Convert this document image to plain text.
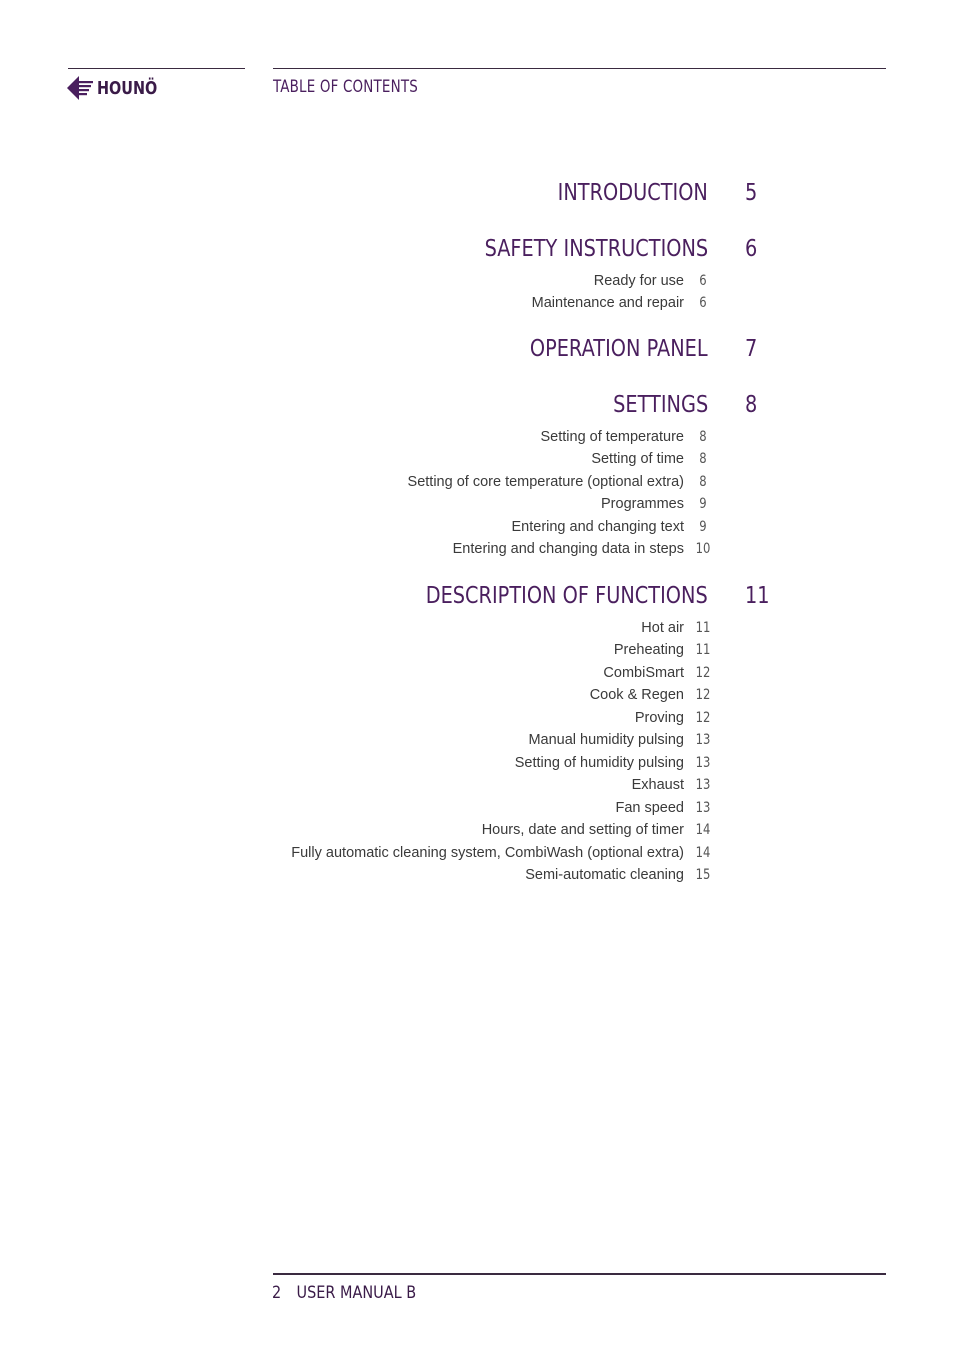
HOUNÖ	TABLE OF CONTENTS
INTRODUCTION 5
SAFETY INSTRUCTIONS 6
Ready for use 6
Maintenance and repair 6
OPERATION PANEL 7
SETTINGS 8
Setting of temperature 8
Setting of time 8
Setting of core temperature (optional extra) 8
Programmes 9
Entering and changing text 9
Entering and changing data in steps 10
DESCRIPTION OF FUNCTIONS 11
Hot air 11
Preheating 11
CombiSmart 12
Cook & Regen 12
Proving 12
Manual humidity pulsing 13
Setting of humidity pulsing 13
Exhaust 13
Fan speed 13
Hours, date and setting of timer 14
Fully automatic cleaning system, CombiWash (optional extra) 14
Semi-automatic cleaning 15
2 USER MANUAL B
